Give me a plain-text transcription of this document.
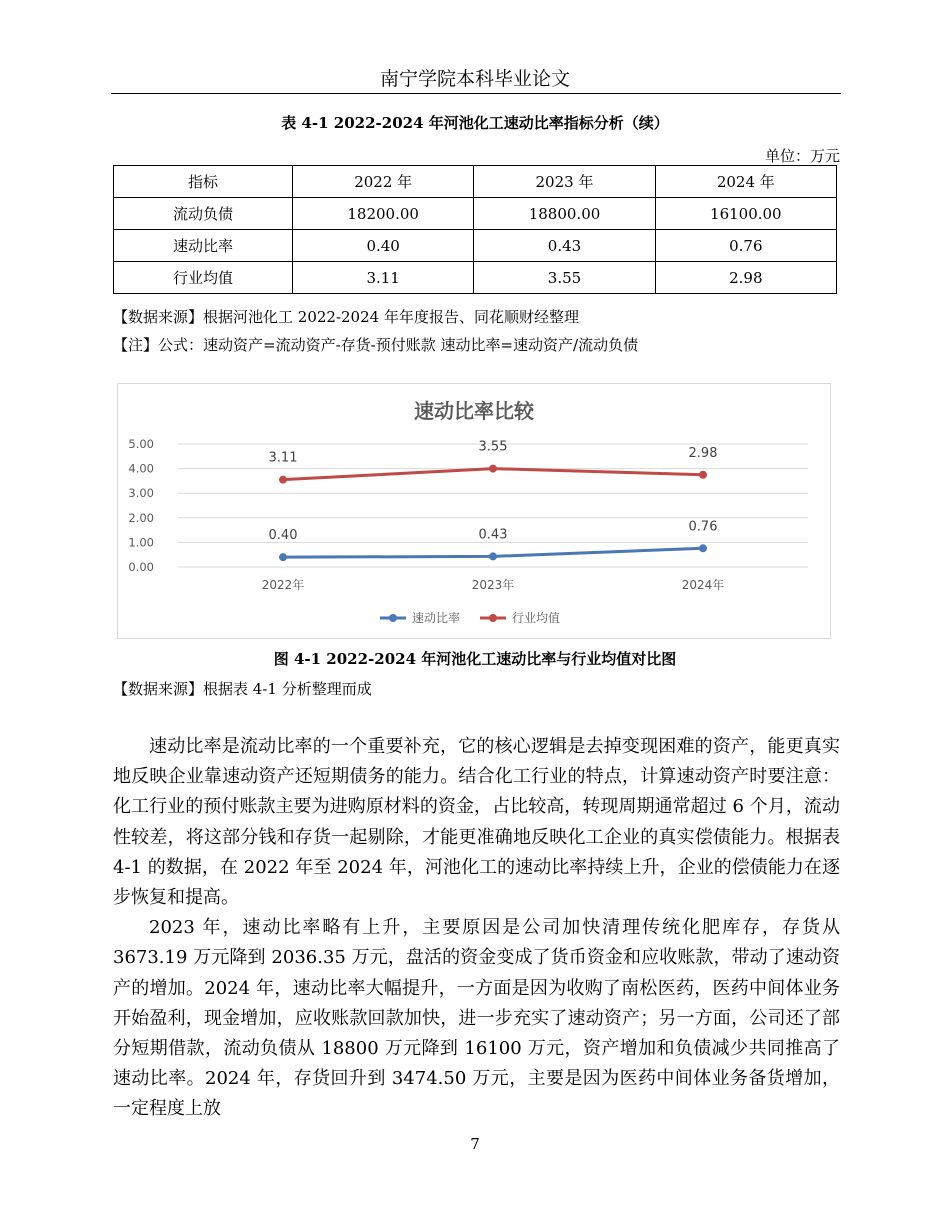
南宁学院本科毕业论文
表 4-1 2022-2024 年河池化工速动比率指标分析（续）
单位：万元
指标	2022 年	2023 年	2024 年
流动负债	18200.00	18800.00	16100.00
速动比率	0.40	0.43	0.76
行业均值	3.11	3.55	2.98
【数据来源】根据河池化工 2022-2024 年年度报告、同花顺财经整理
【注】公式：速动资产=流动资产-存货-预付账款 速动比率=速动资产/流动负债
速动比率比较
0.00
1.00
2.00
3.00
4.00
5.00
2022年	2023年	2024年
0.40	0.43
0.76
3.11
3.55	2.98
速动比率	行业均值
图 4-1 2022-2024 年河池化工速动比率与行业均值对比图
【数据来源】根据表 4-1 分析整理而成

速动比率是流动比率的一个重要补充，它的核心逻辑是去掉变现困难的资产，能更真实地反映企业靠速动资产还短期债务的能力。结合化工行业的特点，计算速动资产时要注意：化工行业的预付账款主要为进购原材料的资金，占比较高，转现周期通常超过 6 个月，流动性较差，将这部分钱和存货一起剔除，才能更准确地反映化工企业的真实偿债能力。根据表 4-1 的数据，在 2022 年至 2024 年，河池化工的速动比率持续上升，企业的偿债能力在逐步恢复和提高。

2023 年，速动比率略有上升，主要原因是公司加快清理传统化肥库存，存货从 3673.19 万元降到 2036.35 万元，盘活的资金变成了货币资金和应收账款，带动了速动资产的增加。2024 年，速动比率大幅提升，一方面是因为收购了南松医药，医药中间体业务开始盈利，现金增加，应收账款回款加快，进一步充实了速动资产；另一方面，公司还了部分短期借款，流动负债从 18800 万元降到 16100 万元，资产增加和负债减少共同推高了速动比率。2024 年，存货回升到 3474.50 万元，主要是因为医药中间体业务备货增加，一定程度上放

7
